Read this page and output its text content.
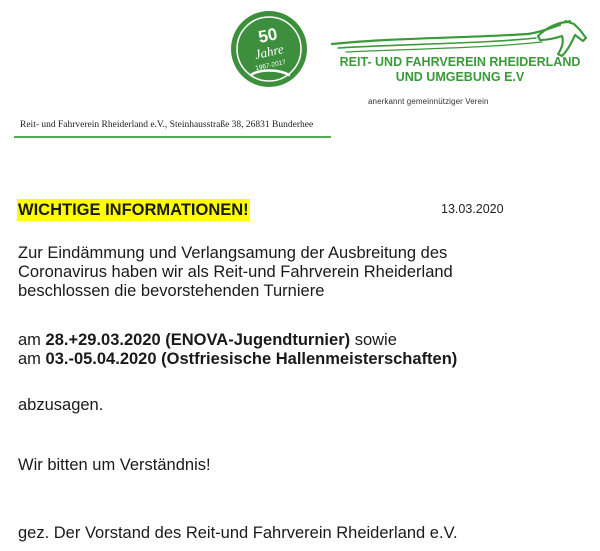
50
Jahre
1967-2017	REIT- UND FAHRVEREIN RHEIDERLAND
UND UMGEBUNG E.V
anerkannt gemeinnütziger Verein
Reit- und Fahrverein Rheiderland e.V., Steinhausstraße 38, 26831 Bunderhee
WICHTIGE INFORMATIONEN!	13.03.2020
Zur Eindämmung und Verlangsamung der Ausbreitung des
Coronavirus haben wir als Reit-und Fahrverein Rheiderland
beschlossen die bevorstehenden Turniere
am 28.+29.03.2020 (ENOVA-Jugendturnier) sowie
am 03.-05.04.2020 (Ostfriesische Hallenmeisterschaften)
abzusagen.
Wir bitten um Verständnis!
gez. Der Vorstand des Reit-und Fahrverein Rheiderland e.V.
